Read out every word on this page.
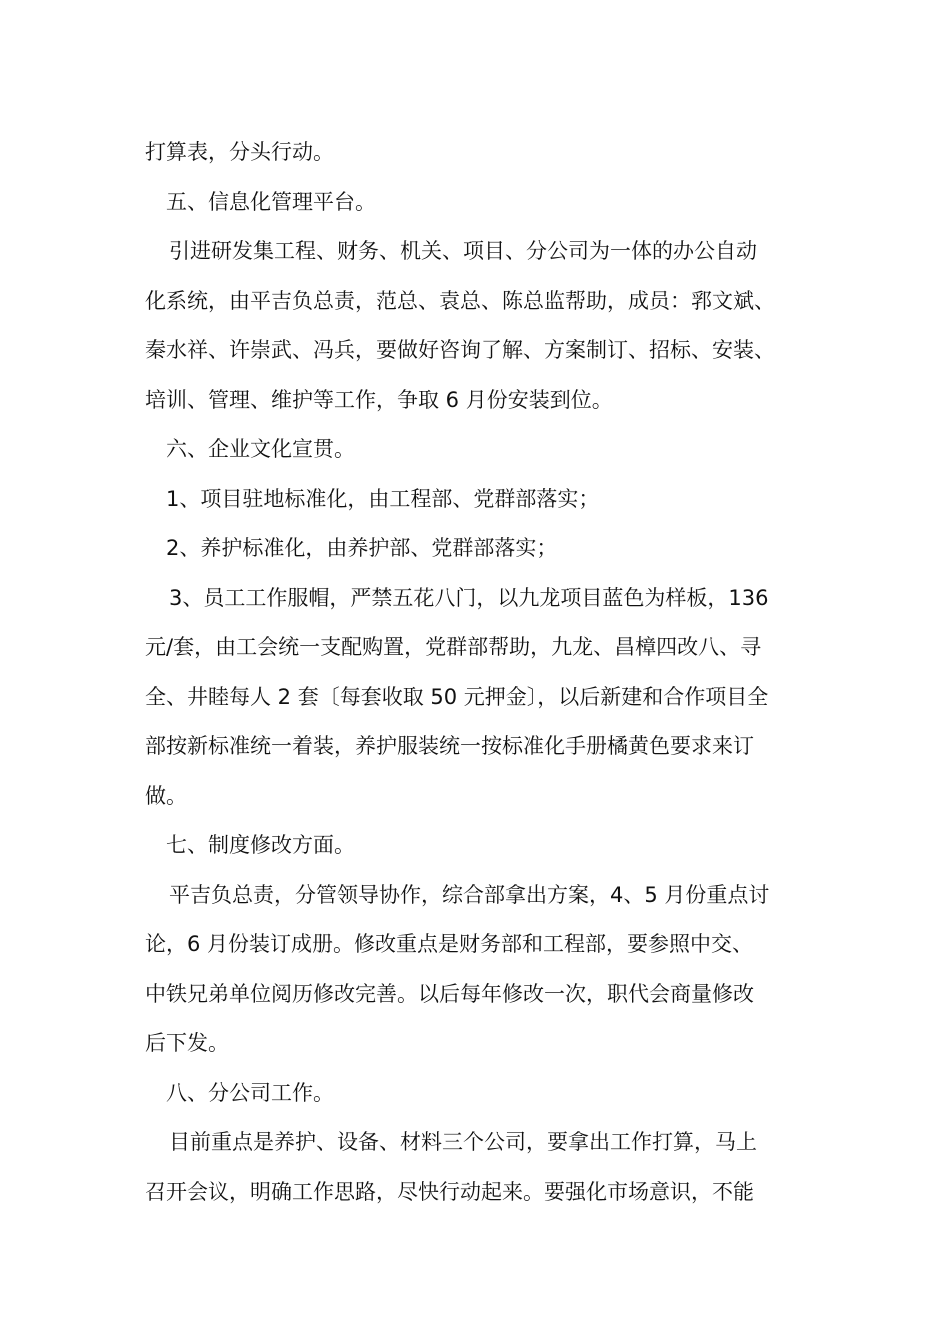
打算表，分头行动。
五、信息化管理平台。
引进研发集工程、财务、机关、项目、分公司为一体的办公自动
化系统，由平吉负总责，范总、袁总、陈总监帮助，成员：郛文斌、
秦水祥、许崇武、冯兵，要做好咨询了解、方案制订、招标、安装、
培训、管理、维护等工作，争取 6 月份安装到位。
六、企业文化宣贯。
1、项目驻地标准化，由工程部、党群部落实；
2、养护标准化，由养护部、党群部落实；
3、员工工作服帽，严禁五花八门，以九龙项目蓝色为样板，136
元/套，由工会统一支配购置，党群部帮助，九龙、昌樟四改八、寻
全、井睦每人 2 套〔每套收取 50 元押金〕，以后新建和合作项目全
部按新标准统一着装，养护服装统一按标准化手册橘黄色要求来订
做。
七、制度修改方面。
平吉负总责，分管领导协作，综合部拿出方案，4、5 月份重点讨
论，6 月份装订成册。修改重点是财务部和工程部，要参照中交、
中铁兄弟单位阅历修改完善。以后每年修改一次，职代会商量修改
后下发。
八、分公司工作。
目前重点是养护、设备、材料三个公司，要拿出工作打算，马上
召开会议，明确工作思路，尽快行动起来。要强化市场意识，不能
